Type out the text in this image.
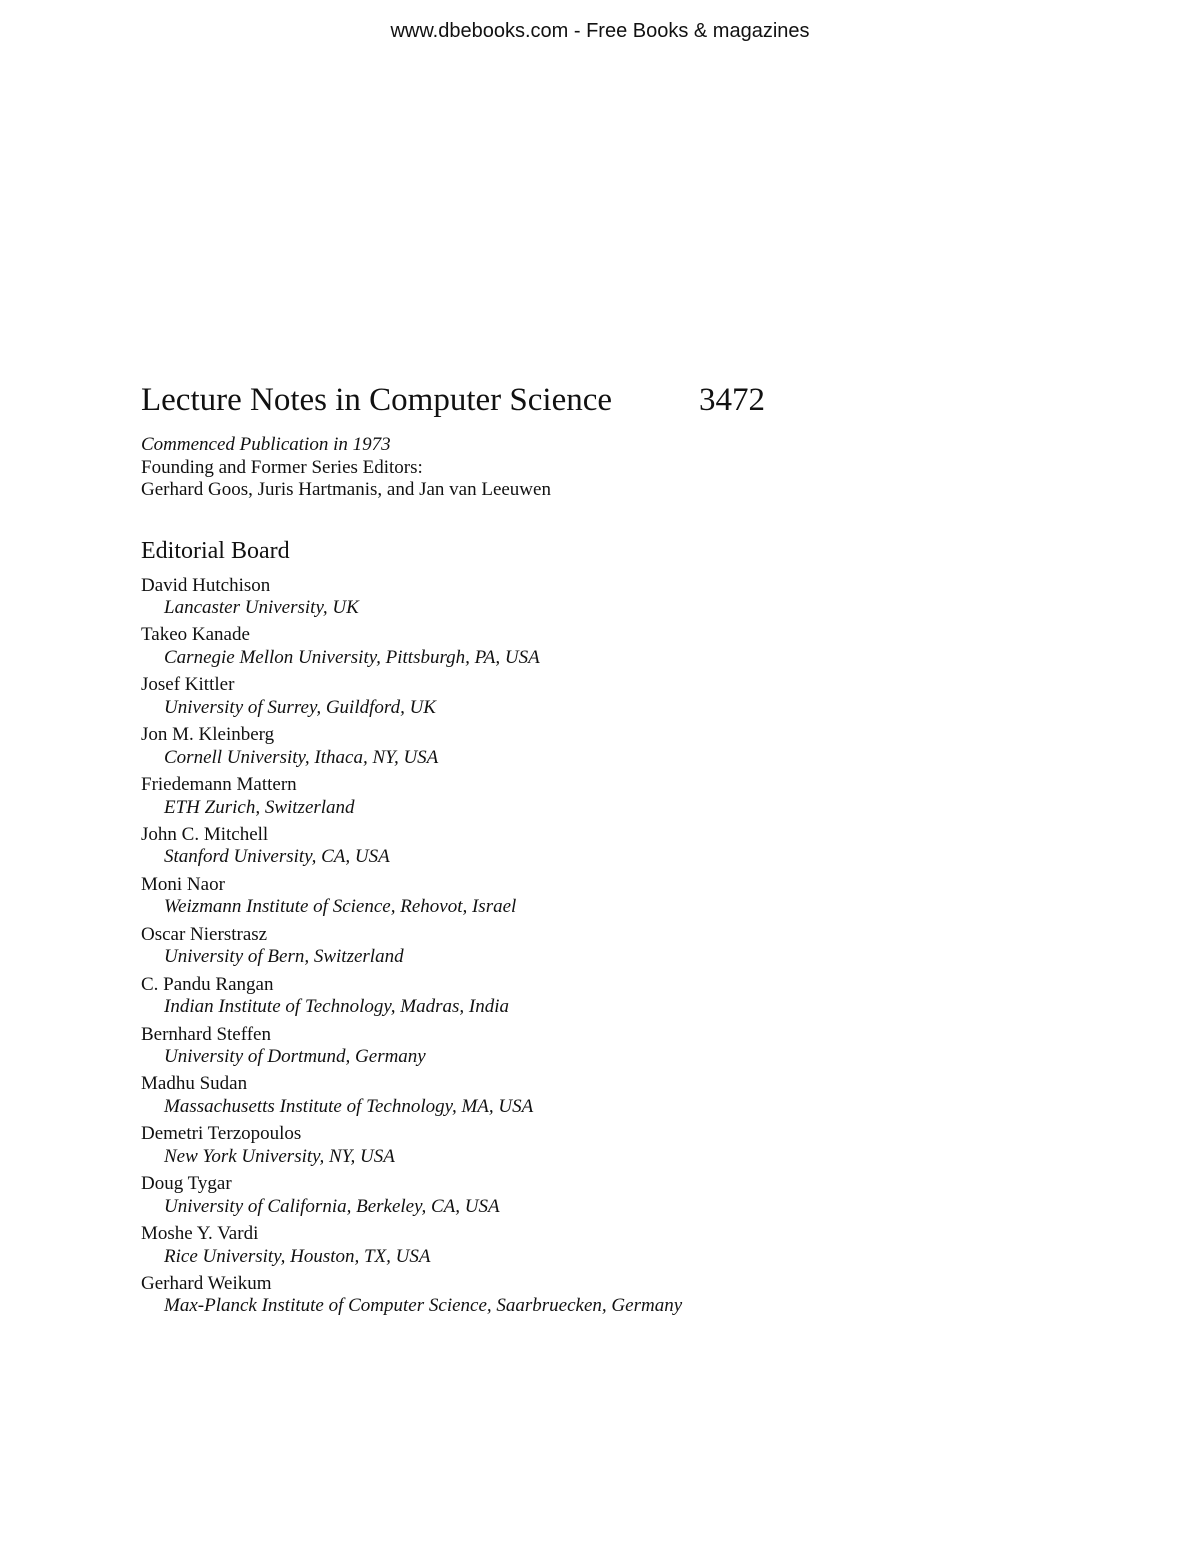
www.dbebooks.com - Free Books & magazines
Lecture Notes in Computer Science	3472
Commenced Publication in 1973
Founding and Former Series Editors:
Gerhard Goos, Juris Hartmanis, and Jan van Leeuwen
Editorial Board
David Hutchison
Lancaster University, UK
Takeo Kanade
Carnegie Mellon University, Pittsburgh, PA, USA
Josef Kittler
University of Surrey, Guildford, UK
Jon M. Kleinberg
Cornell University, Ithaca, NY, USA
Friedemann Mattern
ETH Zurich, Switzerland
John C. Mitchell
Stanford University, CA, USA
Moni Naor
Weizmann Institute of Science, Rehovot, Israel
Oscar Nierstrasz
University of Bern, Switzerland
C. Pandu Rangan
Indian Institute of Technology, Madras, India
Bernhard Steffen
University of Dortmund, Germany
Madhu Sudan
Massachusetts Institute of Technology, MA, USA
Demetri Terzopoulos
New York University, NY, USA
Doug Tygar
University of California, Berkeley, CA, USA
Moshe Y. Vardi
Rice University, Houston, TX, USA
Gerhard Weikum
Max-Planck Institute of Computer Science, Saarbruecken, Germany
